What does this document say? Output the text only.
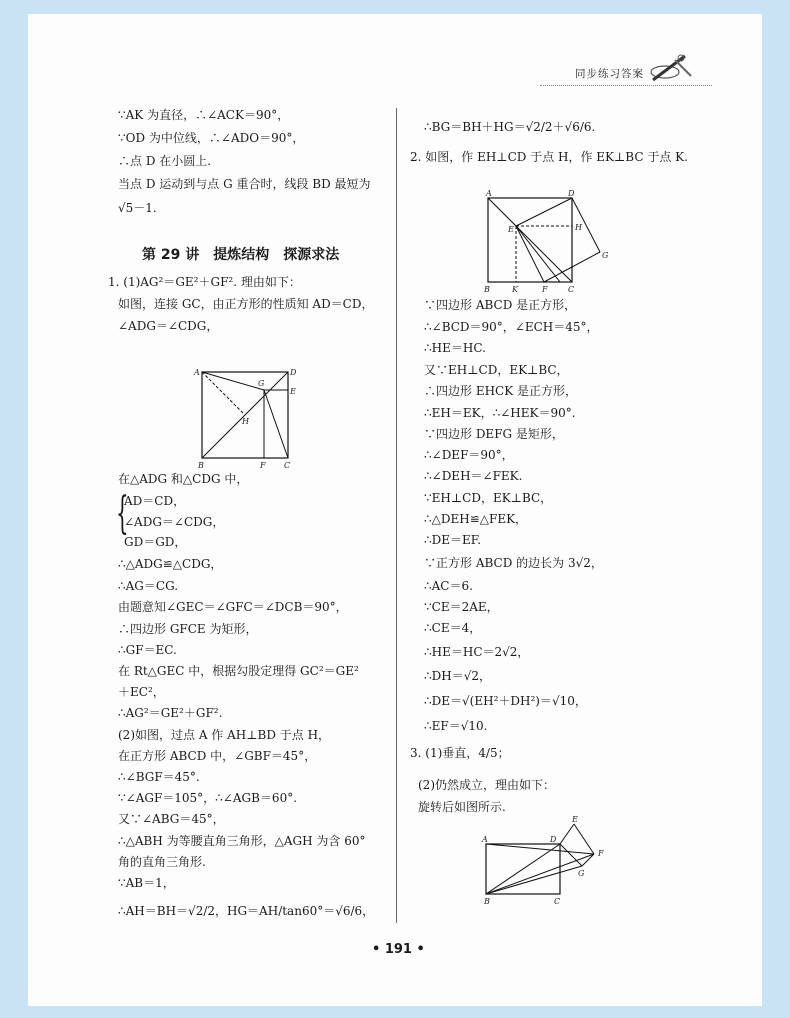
同步练习答案
∵AK 为直径，∴∠ACK＝90°，
∵OD 为中位线，∴∠ADO＝90°，
∴点 D 在小圆上.
当点 D 运动到与点 G 重合时，线段 BD 最短为
√5－1.
第 29 讲　提炼结构　探源求法
1. (1)AG²＝GE²＋GF². 理由如下：
如图，连接 GC，由正方形的性质知 AD＝CD，
∠ADG＝∠CDG，
A	D
G
E
H
B	F C
在△ADG 和△CDG 中，
{
AD＝CD，
∠ADG＝∠CDG，
GD＝GD，
∴△ADG≌△CDG，
∴AG＝CG.
由题意知∠GEC＝∠GFC＝∠DCB＝90°，
∴四边形 GFCE 为矩形，
∴GF＝EC.
在 Rt△GEC 中，根据勾股定理得 GC²＝GE²
＋EC²，
∴AG²＝GE²＋GF².
(2)如图，过点 A 作 AH⊥BD 于点 H，
在正方形 ABCD 中，∠GBF＝45°，
∴∠BGF＝45°.
∵∠AGF＝105°，∴∠AGB＝60°.
又∵∠ABG＝45°，
∴△ABH 为等腰直角三角形，△AGH 为含 60°
角的直角三角形.
∵AB＝1，
∴AH＝BH＝√2/2，HG＝AH/tan60°＝√6/6，
∴BG＝BH＋HG＝√2/2＋√6/6.
2. 如图，作 EH⊥CD 于点 H，作 EK⊥BC 于点 K.
A	D
E	H
G
B	K	F	C
∵四边形 ABCD 是正方形，
∴∠BCD＝90°，∠ECH＝45°，
∴HE＝HC.
又∵EH⊥CD，EK⊥BC，
∴四边形 EHCK 是正方形，
∴EH＝EK，∴∠HEK＝90°.
∵四边形 DEFG 是矩形，
∴∠DEF＝90°，
∴∠DEH＝∠FEK.
∵EH⊥CD，EK⊥BC，
∴△DEH≌△FEK，
∴DE＝EF.
∵正方形 ABCD 的边长为 3√2，
∴AC＝6.
∵CE＝2AE，
∴CE＝4，
∴HE＝HC＝2√2，
∴DH＝√2，
∴DE＝√(EH²＋DH²)＝√10，
∴EF＝√10.
3. (1)垂直，4/5；
(2)仍然成立，理由如下：
旋转后如图所示.
A	D
E
F
G
B	C
• 191 •
